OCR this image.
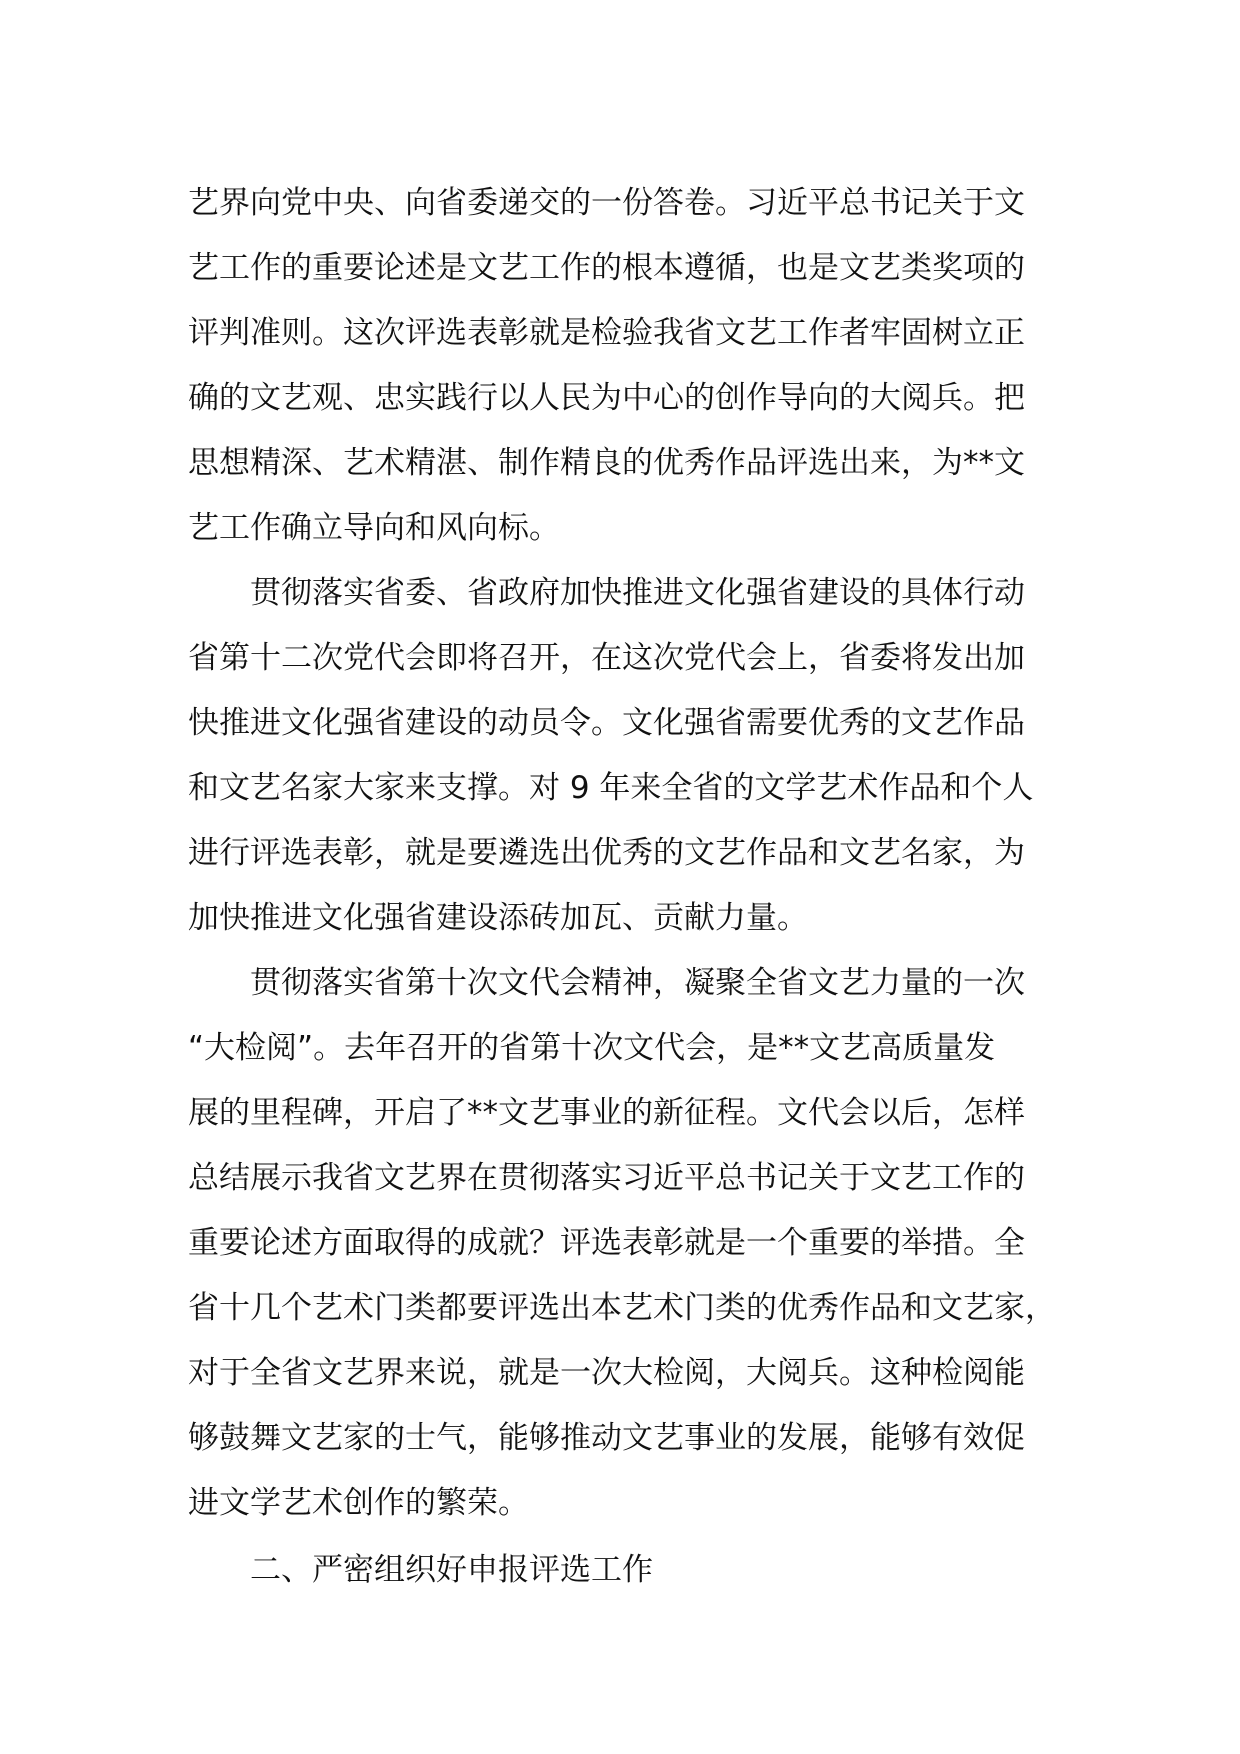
艺界向党中央、向省委递交的一份答卷。习近平总书记关于文
艺工作的重要论述是文艺工作的根本遵循，也是文艺类奖项的
评判准则。这次评选表彰就是检验我省文艺工作者牢固树立正
确的文艺观、忠实践行以人民为中心的创作导向的大阅兵。把
思想精深、艺术精湛、制作精良的优秀作品评选出来，为**文
艺工作确立导向和风向标。
贯彻落实省委、省政府加快推进文化强省建设的具体行动
省第十二次党代会即将召开，在这次党代会上，省委将发出加
快推进文化强省建设的动员令。文化强省需要优秀的文艺作品
和文艺名家大家来支撑。对 9 年来全省的文学艺术作品和个人
进行评选表彰，就是要遴选出优秀的文艺作品和文艺名家，为
加快推进文化强省建设添砖加瓦、贡献力量。
贯彻落实省第十次文代会精神，凝聚全省文艺力量的一次
“大检阅”。去年召开的省第十次文代会，是**文艺高质量发
展的里程碑，开启了**文艺事业的新征程。文代会以后，怎样
总结展示我省文艺界在贯彻落实习近平总书记关于文艺工作的
重要论述方面取得的成就？评选表彰就是一个重要的举措。全
省十几个艺术门类都要评选出本艺术门类的优秀作品和文艺家，
对于全省文艺界来说，就是一次大检阅，大阅兵。这种检阅能
够鼓舞文艺家的士气，能够推动文艺事业的发展，能够有效促
进文学艺术创作的繁荣。
二、严密组织好申报评选工作
